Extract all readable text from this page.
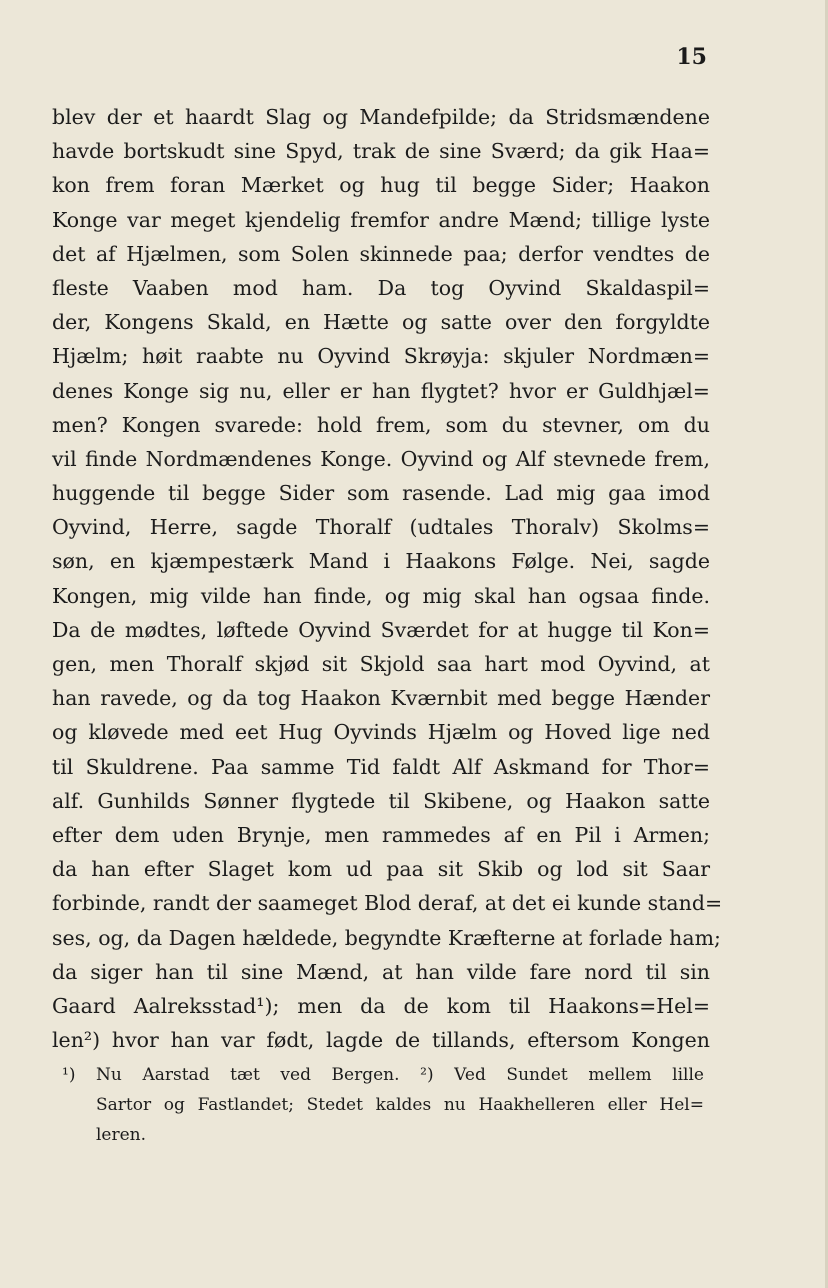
15
blev der et haardt Slag og Mandefpilde; da Stridsmændene
havde bortskudt sine Spyd, trak de sine Sværd; da gik Haa=
kon frem foran Mærket og hug til begge Sider; Haakon
Konge var meget kjendelig fremfor andre Mænd; tillige lyste
det af Hjælmen, som Solen skinnede paa; derfor vendtes de
fleste Vaaben mod ham. Da tog Oyvind Skaldaspil=
der, Kongens Skald, en Hætte og satte over den forgyldte
Hjælm; høit raabte nu Oyvind Skrøyja: skjuler Nordmæn=
denes Konge sig nu, eller er han flygtet? hvor er Guldhjæl=
men? Kongen svarede: hold frem, som du stevner, om du
vil finde Nordmændenes Konge. Oyvind og Alf stevnede frem,
huggende til begge Sider som rasende. Lad mig gaa imod
Oyvind, Herre, sagde Thoralf (udtales Thoralv) Skolms=
søn, en kjæmpestærk Mand i Haakons Følge. Nei, sagde
Kongen, mig vilde han finde, og mig skal han ogsaa finde.
Da de mødtes, løftede Oyvind Sværdet for at hugge til Kon=
gen, men Thoralf skjød sit Skjold saa hart mod Oyvind, at
han ravede, og da tog Haakon Kværnbit med begge Hænder
og kløvede med eet Hug Oyvinds Hjælm og Hoved lige ned
til Skuldrene. Paa samme Tid faldt Alf Askmand for Thor=
alf. Gunhilds Sønner flygtede til Skibene, og Haakon satte
efter dem uden Brynje, men rammedes af en Pil i Armen;
da han efter Slaget kom ud paa sit Skib og lod sit Saar
forbinde, randt der saameget Blod deraf, at det ei kunde stand=
ses, og, da Dagen hældede, begyndte Kræfterne at forlade ham;
da siger han til sine Mænd, at han vilde fare nord til sin
Gaard Aalreksstad¹); men da de kom til Haakons=Hel=
len²) hvor han var født, lagde de tillands, eftersom Kongen
¹) Nu Aarstad tæt ved Bergen. ²) Ved Sundet mellem lille
Sartor og Fastlandet; Stedet kaldes nu Haakhelleren eller Hel=
leren.
